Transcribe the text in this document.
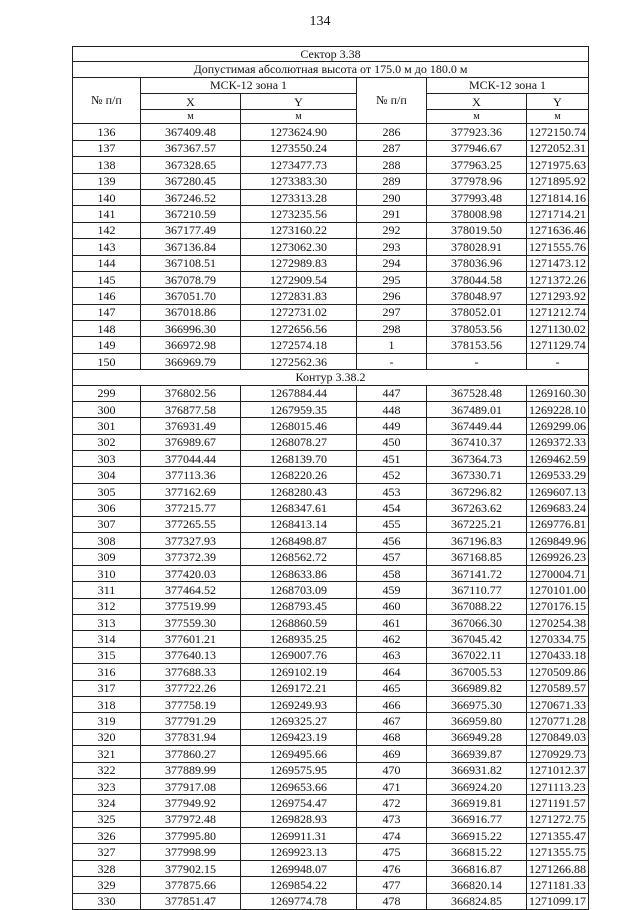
134
Сектор 3.38					
Допустимая абсолютная высота от 175.0 м до 180.0 м					
№ п/п	МСК-12 зона 1		№ п/п	МСК-12 зона 1	
	X	Y		X	Y
	м	м		м	м
136	367409.48	1273624.90	286	377923.36	1272150.74
137	367367.57	1273550.24	287	377946.67	1272052.31
138	367328.65	1273477.73	288	377963.25	1271975.63
139	367280.45	1273383.30	289	377978.96	1271895.92
140	367246.52	1273313.28	290	377993.48	1271814.16
141	367210.59	1273235.56	291	378008.98	1271714.21
142	367177.49	1273160.22	292	378019.50	1271636.46
143	367136.84	1273062.30	293	378028.91	1271555.76
144	367108.51	1272989.83	294	378036.96	1271473.12
145	367078.79	1272909.54	295	378044.58	1271372.26
146	367051.70	1272831.83	296	378048.97	1271293.92
147	367018.86	1272731.02	297	378052.01	1271212.74
148	366996.30	1272656.56	298	378053.56	1271130.02
149	366972.98	1272574.18	1	378153.56	1271129.74
150	366969.79	1272562.36	-	-	-
Контур 3.38.2					
299	376802.56	1267884.44	447	367528.48	1269160.30
300	376877.58	1267959.35	448	367489.01	1269228.10
301	376931.49	1268015.46	449	367449.44	1269299.06
302	376989.67	1268078.27	450	367410.37	1269372.33
303	377044.44	1268139.70	451	367364.73	1269462.59
304	377113.36	1268220.26	452	367330.71	1269533.29
305	377162.69	1268280.43	453	367296.82	1269607.13
306	377215.77	1268347.61	454	367263.62	1269683.24
307	377265.55	1268413.14	455	367225.21	1269776.81
308	377327.93	1268498.87	456	367196.83	1269849.96
309	377372.39	1268562.72	457	367168.85	1269926.23
310	377420.03	1268633.86	458	367141.72	1270004.71
311	377464.52	1268703.09	459	367110.77	1270101.00
312	377519.99	1268793.45	460	367088.22	1270176.15
313	377559.30	1268860.59	461	367066.30	1270254.38
314	377601.21	1268935.25	462	367045.42	1270334.75
315	377640.13	1269007.76	463	367022.11	1270433.18
316	377688.33	1269102.19	464	367005.53	1270509.86
317	377722.26	1269172.21	465	366989.82	1270589.57
318	377758.19	1269249.93	466	366975.30	1270671.33
319	377791.29	1269325.27	467	366959.80	1270771.28
320	377831.94	1269423.19	468	366949.28	1270849.03
321	377860.27	1269495.66	469	366939.87	1270929.73
322	377889.99	1269575.95	470	366931.82	1271012.37
323	377917.08	1269653.66	471	366924.20	1271113.23
324	377949.92	1269754.47	472	366919.81	1271191.57
325	377972.48	1269828.93	473	366916.77	1271272.75
326	377995.80	1269911.31	474	366915.22	1271355.47
327	377998.99	1269923.13	475	366815.22	1271355.75
328	377902.15	1269948.07	476	366816.87	1271266.88
329	377875.66	1269854.22	477	366820.14	1271181.33
330	377851.47	1269774.78	478	366824.85	1271099.17
